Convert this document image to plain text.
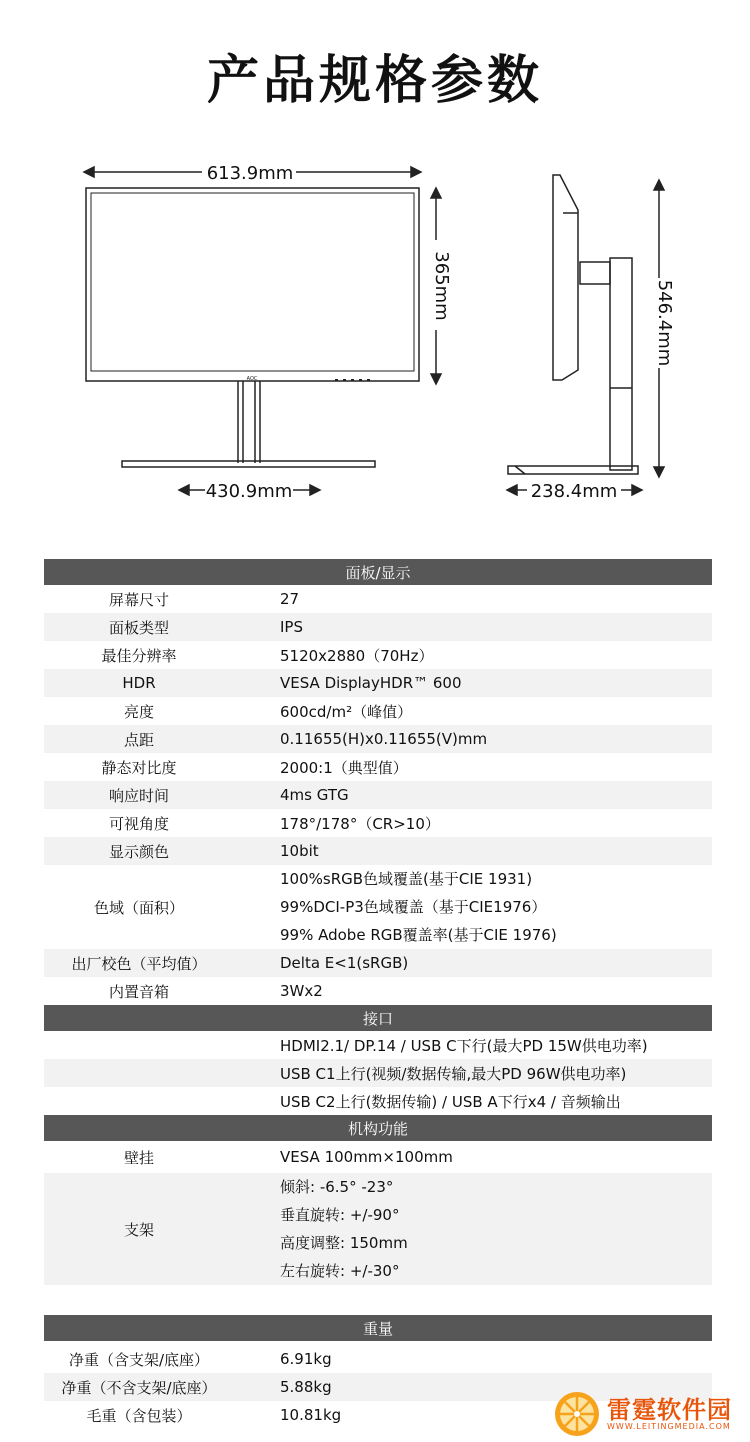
产品规格参数
AOC
613.9mm
365mm
430.9mm
546.4mm
238.4mm
面板/显示
屏幕尺寸	27
面板类型	IPS
最佳分辨率	5120x2880（70Hz）
HDR	VESA DisplayHDR™ 600
亮度	600cd/m²（峰值）
点距	0.11655(H)x0.11655(V)mm
静态对比度	2000:1（典型值）
响应时间	4ms GTG
可视角度	178°/178°（CR>10）
显示颜色	10bit
色域（面积）
100%sRGB色域覆盖(基于CIE 1931)
99%DCI-P3色域覆盖（基于CIE1976）
99% Adobe RGB覆盖率(基于CIE 1976)
出厂校色（平均值）	Delta E<1(sRGB)
内置音箱	3Wx2
接口
HDMI2.1/ DP.14 / USB C下行(最大PD 15W供电功率)
USB C1上行(视频/数据传输,最大PD 96W供电功率)
USB C2上行(数据传输) / USB A下行x4 / 音频输出
机构功能
壁挂	VESA 100mm×100mm
支架
倾斜: -6.5° -23°
垂直旋转: +/-90°
高度调整: 150mm
左右旋转: +/-30°
重量
净重（含支架/底座）	6.91kg
净重（不含支架/底座）	5.88kg
毛重（含包装）	10.81kg	雷霆软件园
WWW.LEITINGMEDIA.COM
